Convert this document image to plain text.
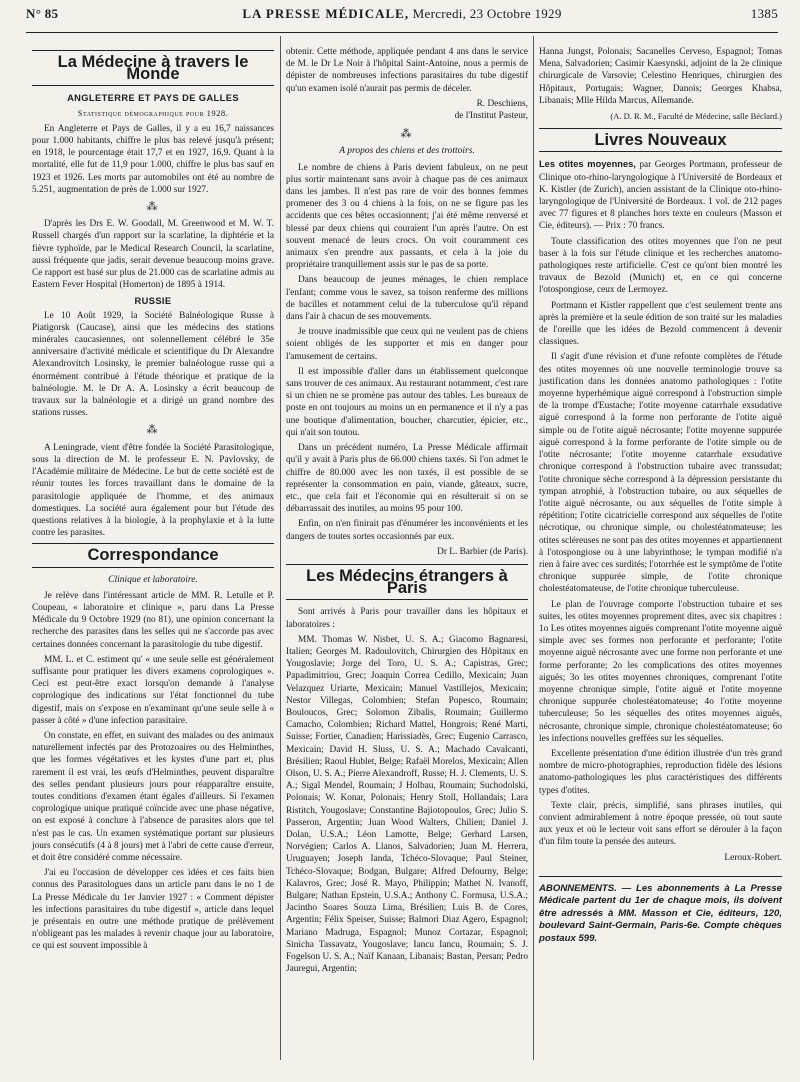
N° 85	LA PRESSE MÉDICALE, Mercredi, 23 Octobre 1929	1385
La Médecine à travers le Monde
ANGLETERRE ET PAYS DE GALLES
Statistique démographique pour 1928.

En Angleterre et Pays de Galles, il y a eu 16,7 naissances pour 1.000 habitants, chiffre le plus bas relevé jusqu'à présent; en 1918, le pourcentage était 17,7 et en 1927, 16,9. Quant à la mortalité, elle fut de 11,9 pour 1.000, chiffre le plus bas sauf en 1923 et 1926. Les morts par automobiles ont été au nombre de 5.251, augmentation de près de 1.000 sur 1927.

⁂

D'après les Drs E. W. Goodall, M. Greenwood et M. W. T. Russell chargés d'un rapport sur la scarlatine, la diphtérie et la fièvre typhoïde, par le Medical Research Council, la scarlatine, aussi fréquente que jadis, serait devenue beaucoup moins grave. Ce rapport est basé sur plus de 21.000 cas de scarlatine admis au Eastern Fever Hospital (Homerton) de 1895 à 1914.

RUSSIE

Le 10 Août 1929, la Société Balnéologique Russe à Piatigorsk (Caucase), ainsi que les médecins des stations minérales caucasiennes, ont solennellement célébré le 35e anniversaire d'activité médicale et scientifique du Dr Alexandre Alexandrovitch Losinsky, le premier balnéologue russe qui a énormément contribué à l'étude théorique et pratique de la balnéologie. M. le Dr A. A. Losinsky a écrit beaucoup de travaux sur la balnéologie et a dirigé un grand nombre des stations russes.

⁂

A Leningrade, vient d'être fondée la Société Parasitologique, sous la direction de M. le professeur E. N. Pavlovsky, de l'Académie militaire de Médecine. Le but de cette société est de réunir toutes les forces travaillant dans le domaine de la parasitologie appliquée de l'homme, et des animaux domestiques. La société aura également pour but l'étude des questions relatives à la biologie, à la prophylaxie et à la lutte contre les parasites.

Correspondance
Clinique et laboratoire.

Je relève dans l'intéressant article de MM. R. Letulle et P. Coupeau, « laboratoire et clinique », paru dans La Presse Médicale du 9 Octobre 1929 (no 81), une opinion concernant la recherche des parasites dans les selles qui ne s'accorde pas avec certaines données concernant la parasitologie du tube digestif.

MM. L. et C. estiment qu' « une seule selle est généralement suffisante pour pratiquer les divers examens coprologiques ». Ceci est peut-être exact lorsqu'on demande à l'analyse coprologique des indications sur l'état fonctionnel du tube digestif, mais on s'expose en n'examinant qu'une seule selle à « passer à côté » d'une infection parasitaire.

On constate, en effet, en suivant des malades ou des animaux naturellement infectés par des Protozoaires ou des Helminthes, que les formes végétatives et les kystes d'une part et, plus rarement il est vrai, les œufs d'Helminthes, peuvent disparaître des selles pendant plusieurs jours pour réapparaître ensuite, toutes conditions d'examen étant égales d'ailleurs. Si l'examen coprologique unique pratiqué coïncide avec une phase négative, on est exposé à conclure à l'absence de parasites alors que tel n'est pas le cas. Un examen systématique portant sur plusieurs jours consécutifs (4 à 8 jours) met à l'abri de cette cause d'erreur, et doit être considéré comme nécessaire.

J'ai eu l'occasion de développer ces idées et ces faits bien connus des Parasitologues dans un article paru dans le no 1 de La Presse Médicale du 1er Janvier 1927 : « Comment dépister les infections parasitaires du tube digestif », article dans lequel je présentais en outre une méthode pratique de prélèvement n'obligeant pas les malades à revenir chaque jour au laboratoire, ce qui est souvent impossible à

obtenir. Cette méthode, appliquée pendant 4 ans dans le service de M. le Dr Le Noir à l'hôpital Saint-Antoine, nous a permis de dépister de nombreuses infections parasitaires du tube digestif qu'un examen isolé n'aurait pas permis de déceler.

R. Deschiens,
de l'Institut Pasteur,
⁂
A propos des chiens et des trottoirs.

Le nombre de chiens à Paris devient fabuleux, on ne peut plus sortir maintenant sans avoir à chaque pas de ces animaux dans les jambes. Il n'est pas rare de voir des bonnes femmes promener des 3 ou 4 chiens à la fois, on ne se figure pas les accidents que ces bêtes occasionnent; j'ai été même renversé et blessé par deux chiens qui couraient l'un après l'autre. On est souvent menacé de leurs crocs. On voit couramment ces animaux s'en prendre aux passants, et cela à la joie du propriétaire tranquillement assis sur le pas de sa porte.

Dans beaucoup de jeunes ménages, le chien remplace l'enfant; comme vous le savez, sa toison renferme des millions de bacilles et notamment celui de la tuberculose qu'il répand dans l'air à chacun de ses mouvements.

Je trouve inadmissible que ceux qui ne veulent pas de chiens soient obligés de les supporter et mis en danger pour l'amusement de certains.

Il est impossible d'aller dans un établissement quelconque sans trouver de ces animaux. Au restaurant notamment, c'est rare si un chien ne se promène pas autour des tables. Les bureaux de poste en ont toujours au moins un en permanence et il n'y a pas une boutique d'alimentation, boucher, charcutier, épicier, etc., qui n'ait son toutou.

Dans un précédent numéro, La Presse Médicale affirmait qu'il y avait à Paris plus de 66.000 chiens taxés. Si l'on admet le chiffre de 80.000 avec les non taxés, il est possible de se représenter la consommation en pain, viande, gâteaux, sucre, etc., que cela fait et l'économie qui en résulterait si on se débarrassait des inutiles, au moins 95 pour 100.

Enfin, on n'en finirait pas d'énumérer les inconvénients et les dangers de toutes sortes occasionnés par eux.

Dr L. Barbier (de Paris).
Les Médecins étrangers à Paris

Sont arrivés à Paris pour travailler dans les hôpitaux et laboratoires :

MM. Thomas W. Nisbet, U. S. A.; Giacomo Bagnaresi, Italien; Georges M. Radoulovitch, Chirurgien des Hôpitaux en Yougoslavie; Jorge del Toro, U. S. A.; Capistras, Grec; Papadimitriou, Grec; Joaquin Correa Cedillo, Mexicain; Juan Velazquez Uriarte, Mexicain; Manuel Vastillejos, Mexicain; Nestor Villegas, Colombien; Stefan Popesco, Roumain; Bouloucos, Grec; Solomon Zibalis, Roumain; Guillermo Camacho, Colombien; Richard Mattel, Hongrois; René Marti, Suisse; Fortier, Canadien; Harissiadès, Grec; Eugenio Carrasco, Mexicain; David H. Sluss, U. S. A.; Machado Cavalcanti, Brésilien; Raoul Hublet, Belge; Rafaël Morelos, Mexicain; Allen Olson, U. S. A.; Pierre Alexandroff, Russe; H. J. Clements, U. S. A.; Sigal Mendel, Roumain; J Holbau, Roumain; Suchodolski, Polonais; W. Konar, Polonais; Henry Stoll, Hollandais; Lara Ristitch, Yougoslave; Constantine Bajiotopoulos, Grec; Julio S. Passeron, Argentin; Juan Wood Walters, Chilien; Daniel J. Dolan, U.S.A.; Léon Lamotte, Belge; Gerhard Larsen, Norvégien; Carlos A. Llanos, Salvadorien; Juan M. Herrera, Uruguayen; Joseph Ianda, Tchéco-Slovaque; Paul Steiner, Tchéco-Slovaque; Bodgan, Bulgare; Alfred Defourny, Belge; Kalavros, Grec; José R. Mayo, Philippin; Mathet N. Ivanoff, Bulgare; Nathan Epstein, U.S.A.; Anthony C. Formusa, U.S.A.; Jacintho Soares Souza Lima, Brésilien; Luis B. de Cores, Argentin; Félix Speiser, Suisse; Balmori Diaz Agero, Espagnol; Mariano Madruga, Espagnol; Munoz Cortazar, Espagnol; Sinicha Tassavatz, Yougoslave; Iancu Iancu, Roumain; S. J. Fogelson U. S. A.; Naïf Kanaan, Libanais; Bastan, Persan; Pedro Jauregui, Argentin;

Hanna Jungst, Polonais; Sacanelles Cerveso, Espagnol; Tomas Mena, Salvadorien; Casimir Kaesynski, adjoint de la 2e clinique chirurgicale de Varsovie; Celestino Henriques, chirurgien des Hôpitaux, Portugais; Wagner, Danois; Georges Khabsa, Libanais; Mlle Hilda Marcus, Allemande.

(A. D. R. M., Faculté de Médecine, salle Béclard.)
Livres Nouveaux

Les otites moyennes, par Georges Portmann, professeur de Clinique oto-rhino-laryngologique à l'Université de Bordeaux et K. Kistler (de Zurich), ancien assistant de la Clinique oto-rhino-laryngologique de l'Université de Bordeaux. 1 vol. de 212 pages avec 77 figures et 8 planches hors texte en couleurs (Masson et Cie, éditeurs). — Prix : 70 francs.

Toute classification des otites moyennes que l'on ne peut baser à la fois sur l'étude clinique et les recherches anatomo-pathologiques reste artificielle. C'est ce qu'ont bien montré les travaux de Bezold (Munich) et, en ce qui concerne l'otospongiose, ceux de Lermoyez.

Portmann et Kistler rappellent que c'est seulement trente ans après la première et la seule édition de son traité sur les maladies de l'oreille que les idées de Bezold commencent à devenir classiques.

Il s'agit d'une révision et d'une refonte complètes de l'étude des otites moyennes où une nouvelle terminologie trouve sa justification dans les données anatomo pathologiques : l'otite moyenne hyperhémique aiguë correspond à l'obstruction simple de la trompe d'Eustache; l'otite moyenne catarrhale exsudative aiguë correspond à la forme non perforante de l'otite aiguë simple ou de l'otite aiguë nécrosante; l'otite moyenne suppurée aiguë correspond à la forme perforante de l'otite simple ou de l'otite nécrosante; l'otite moyenne catarrhale exsudative chronique correspond à l'obstruction tubaire avec transsudat; l'otite chronique sèche correspond à la dépression persistante du tympan atrophié, à l'obstruction tubaire, ou aux séquelles de l'otite aiguë nécrosante, ou aux séquelles de l'otite simple à répétition; l'otite cicatricielle correspond aux séquelles de l'otite nécrotique, ou chronique simple, ou cholestéatomateuse; les otites scléreuses ne sont pas des otites moyennes et appartiennent à l'otospongiose ou à une labyrinthose; le tympan modifié n'a rien à faire avec ces surdités; l'otorrhée est le symptôme de l'otite chronique suppurée simple, de l'otite chronique cholestéatomateuse, de l'otite chronique tuberculeuse.

Le plan de l'ouvrage comporte l'obstruction tubaire et ses suites, les otites moyennes proprement dites, avec six chapitres : 1o Les otites moyennes aiguës comprenant l'otite moyenne aiguë simple avec ses formes non perforante et perforante; l'otite moyenne aiguë nécrosante avec une forme non perforante et une forme perforante; 2o les complications des otites moyennes aiguës; 3o les otites moyennes chroniques, comprenant l'otite moyenne chronique simple, l'otite aiguë et l'otite moyenne chronique suppurée cholestéatomateuse; 4o l'otite moyenne tuberculeuse; 5o les séquelles des otites moyennes aiguës, nécrosante, chronique simple, chronique cholestéatomateuse; 6o les infections nouvelles greffées sur les séquelles.

Excellente présentation d'une édition illustrée d'un très grand nombre de micro-photographies, reproduction fidèle des lésions anatomo-pathologiques les plus caractéristiques des différents types d'otites.

Texte clair, précis, simplifié, sans phrases inutiles, qui convient admirablement à notre époque pressée, où tout saute aux yeux et où le lecteur voit sans effort se dérouler à la façon d'un film toute la pensée des auteurs.

Leroux-Robert.
ABONNEMENTS. — Les abonnements à La Presse Médicale partent du 1er de chaque mois, ils doivent être adressés à MM. Masson et Cie, éditeurs, 120, boulevard Saint-Germain, Paris-6e. Compte chèques postaux 599.
